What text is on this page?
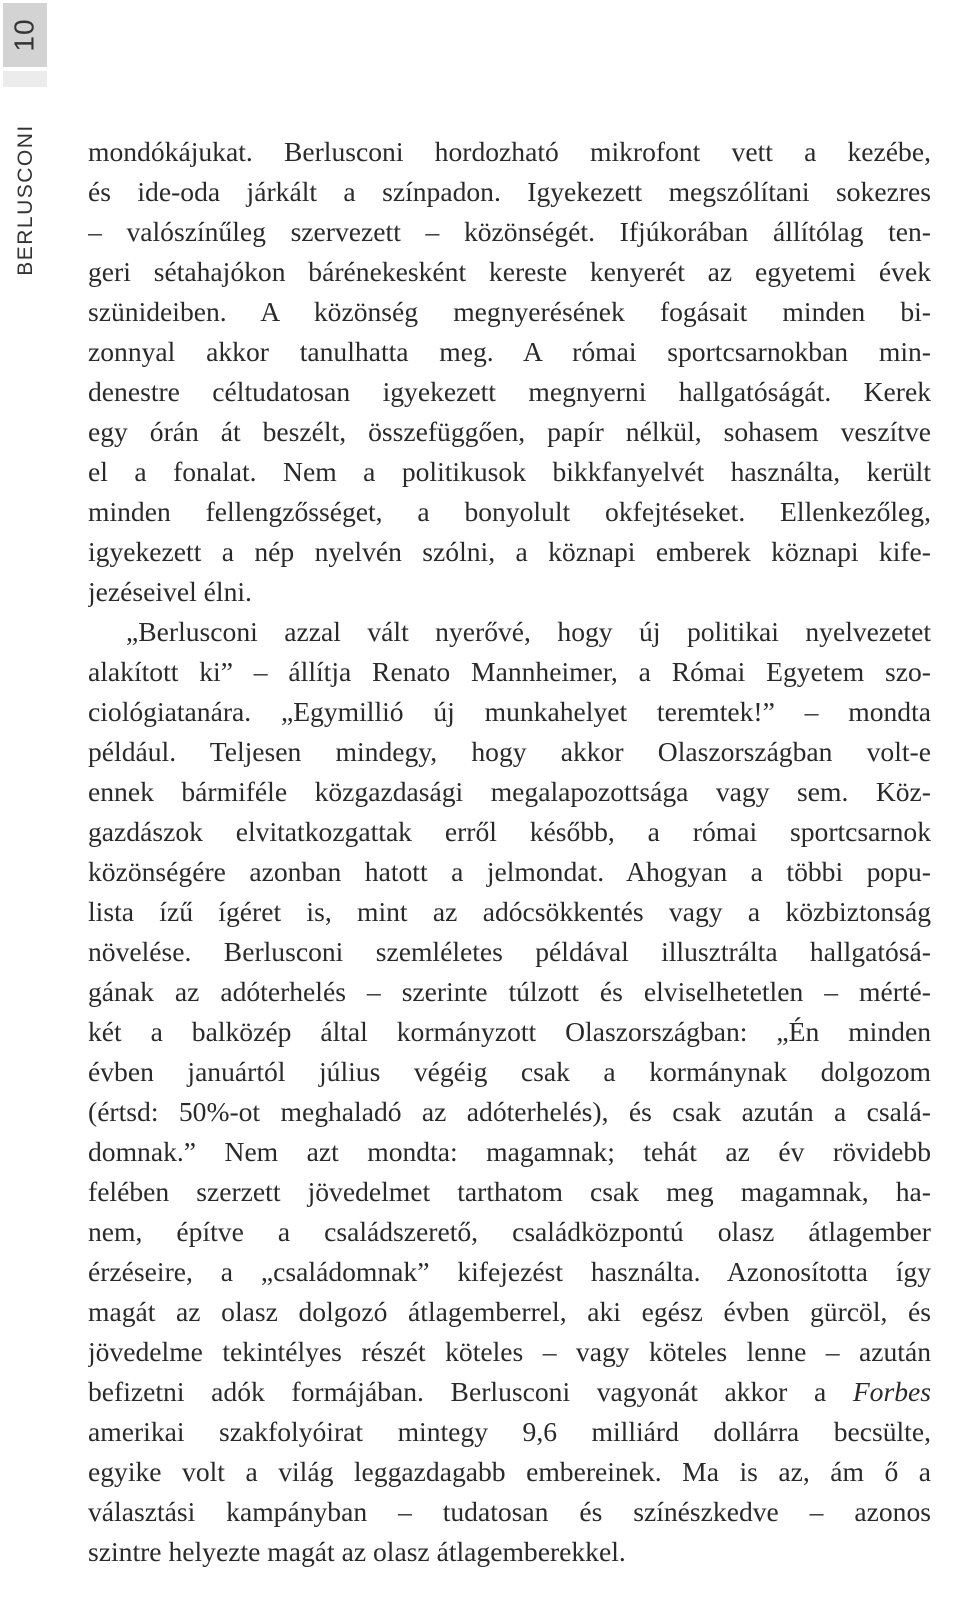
10
BERLUSCONI mondókájukat. Berlusconi hordozható mikrofont vett a kezébe,
és ide-oda járkált a színpadon. Igyekezett megszólítani sokezres
– valószínűleg szervezett – közönségét. Ifjúkorában állítólag ten-
geri sétahajókon bárénekesként kereste kenyerét az egyetemi évek
szünideiben. A közönség megnyerésének fogásait minden bi-
zonnyal akkor tanulhatta meg. A római sportcsarnokban min-
denestre céltudatosan igyekezett megnyerni hallgatóságát. Kerek
egy órán át beszélt, összefüggően, papír nélkül, sohasem veszítve
el a fonalat. Nem a politikusok bikkfanyelvét használta, került
minden fellengzősséget, a bonyolult okfejtéseket. Ellenkezőleg,
igyekezett a nép nyelvén szólni, a köznapi emberek köznapi kife-
jezéseivel élni.
„Berlusconi azzal vált nyerővé, hogy új politikai nyelvezetet
alakított ki” – állítja Renato Mannheimer, a Római Egyetem szo-
ciológiatanára. „Egymillió új munkahelyet teremtek!” – mondta
például. Teljesen mindegy, hogy akkor Olaszországban volt-e
ennek bármiféle közgazdasági megalapozottsága vagy sem. Köz-
gazdászok elvitatkozgattak erről később, a római sportcsarnok
közönségére azonban hatott a jelmondat. Ahogyan a többi popu-
lista ízű ígéret is, mint az adócsökkentés vagy a közbiztonság
növelése. Berlusconi szemléletes példával illusztrálta hallgatósá-
gának az adóterhelés – szerinte túlzott és elviselhetetlen – mérté-
két a balközép által kormányzott Olaszországban: „Én minden
évben januártól július végéig csak a kormánynak dolgozom
(értsd: 50%-ot meghaladó az adóterhelés), és csak azután a csalá-
domnak.” Nem azt mondta: magamnak; tehát az év rövidebb
felében szerzett jövedelmet tarthatom csak meg magamnak, ha-
nem, építve a családszerető, családközpontú olasz átlagember
érzéseire, a „családomnak” kifejezést használta. Azonosította így
magát az olasz dolgozó átlagemberrel, aki egész évben gürcöl, és
jövedelme tekintélyes részét köteles – vagy köteles lenne – azután
befizetni adók formájában. Berlusconi vagyonát akkor a Forbes
amerikai szakfolyóirat mintegy 9,6 milliárd dollárra becsülte,
egyike volt a világ leggazdagabb embereinek. Ma is az, ám ő a
választási kampányban – tudatosan és színészkedve – azonos
szintre helyezte magát az olasz átlagemberekkel.
